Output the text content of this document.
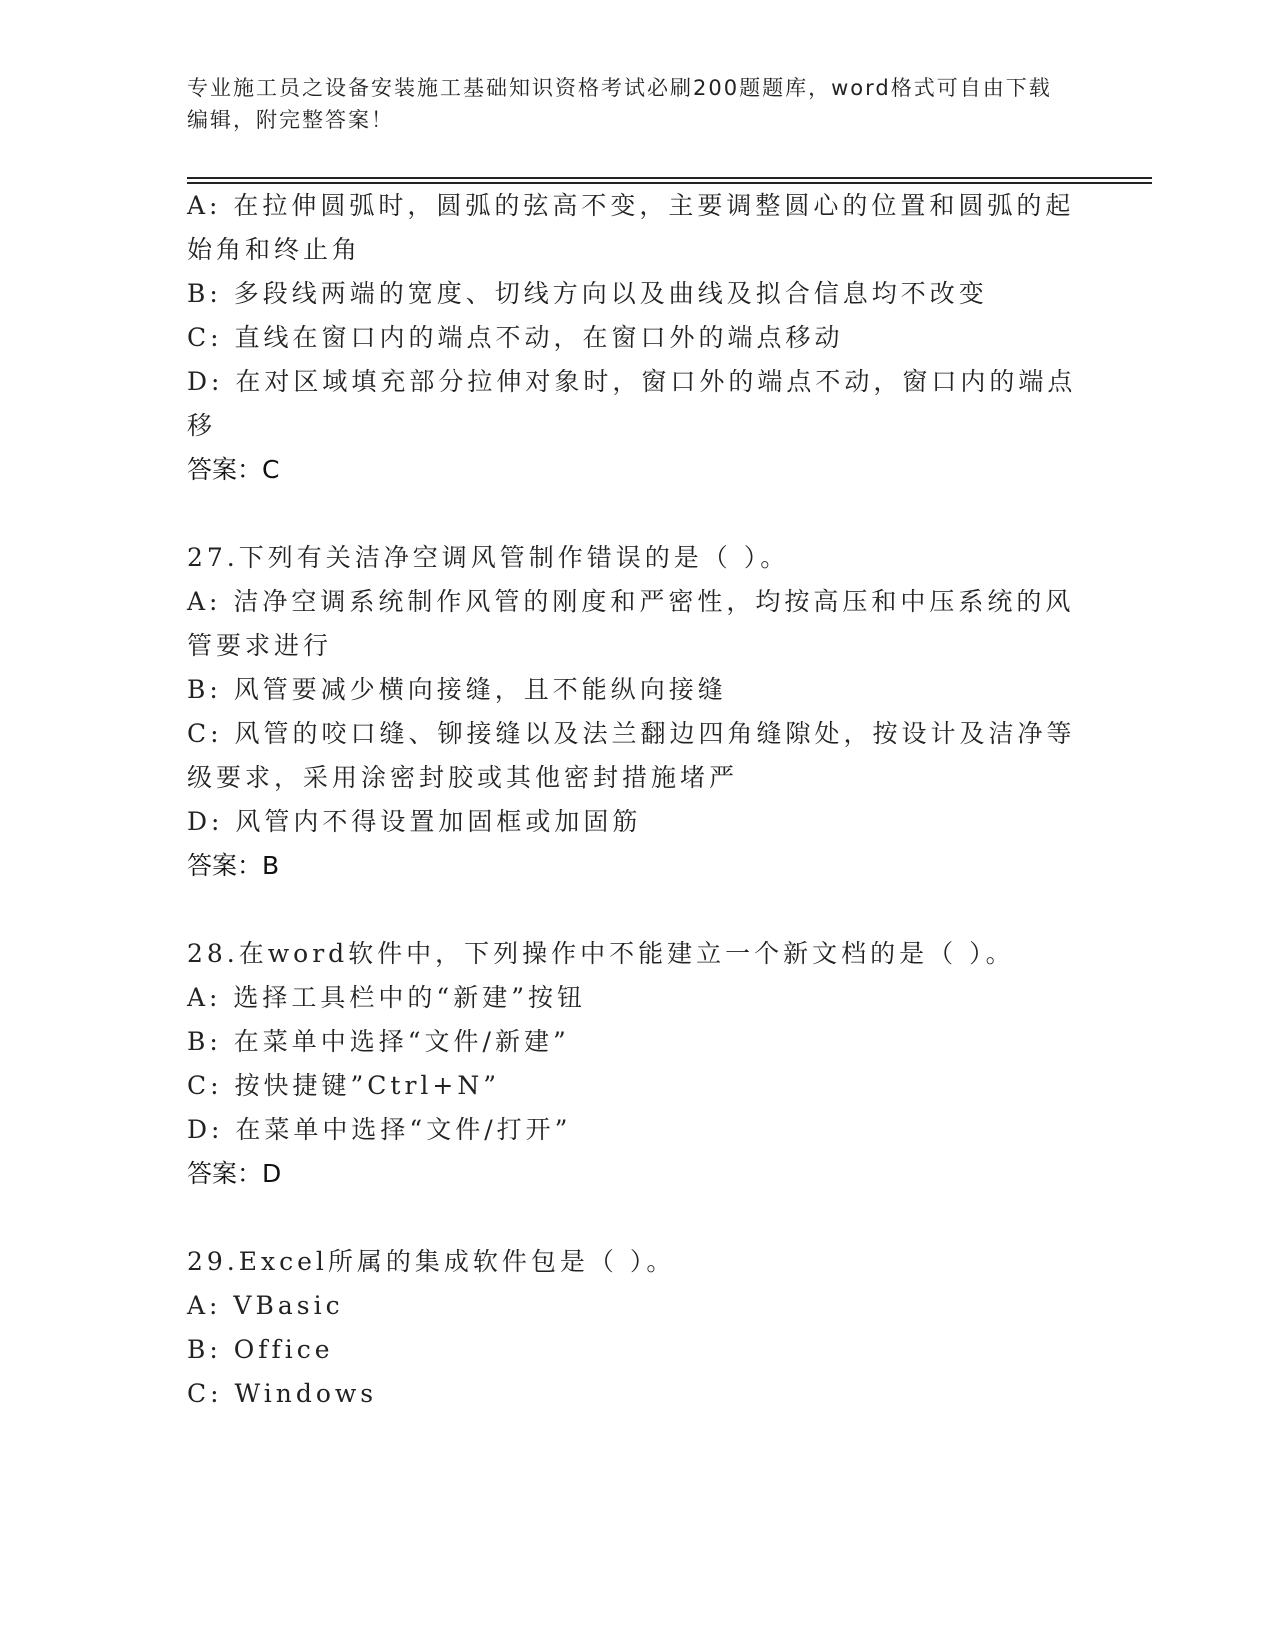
专业施工员之设备安装施工基础知识资格考试必刷200题题库，word格式可自由下载编辑，附完整答案！
A: 在拉伸圆弧时，圆弧的弦高不变，主要调整圆心的位置和圆弧的起
始角和终止角
B: 多段线两端的宽度、切线方向以及曲线及拟合信息均不改变
C: 直线在窗口内的端点不动，在窗口外的端点移动
D: 在对区域填充部分拉伸对象时，窗口外的端点不动，窗口内的端点
移
答案：C
27.下列有关洁净空调风管制作错误的是（ ）。
A: 洁净空调系统制作风管的刚度和严密性，均按高压和中压系统的风
管要求进行
B: 风管要减少横向接缝，且不能纵向接缝
C: 风管的咬口缝、铆接缝以及法兰翻边四角缝隙处，按设计及洁净等
级要求，采用涂密封胶或其他密封措施堵严
D: 风管内不得设置加固框或加固筋
答案：B
28.在word软件中，下列操作中不能建立一个新文档的是（ ）。
A: 选择工具栏中的“新建”按钮
B: 在菜单中选择“文件/新建”
C: 按快捷键”Ctrl+N”
D: 在菜单中选择“文件/打开”
答案：D
29.Excel所属的集成软件包是（ ）。
A: VBasic
B: Office
C: Windows
